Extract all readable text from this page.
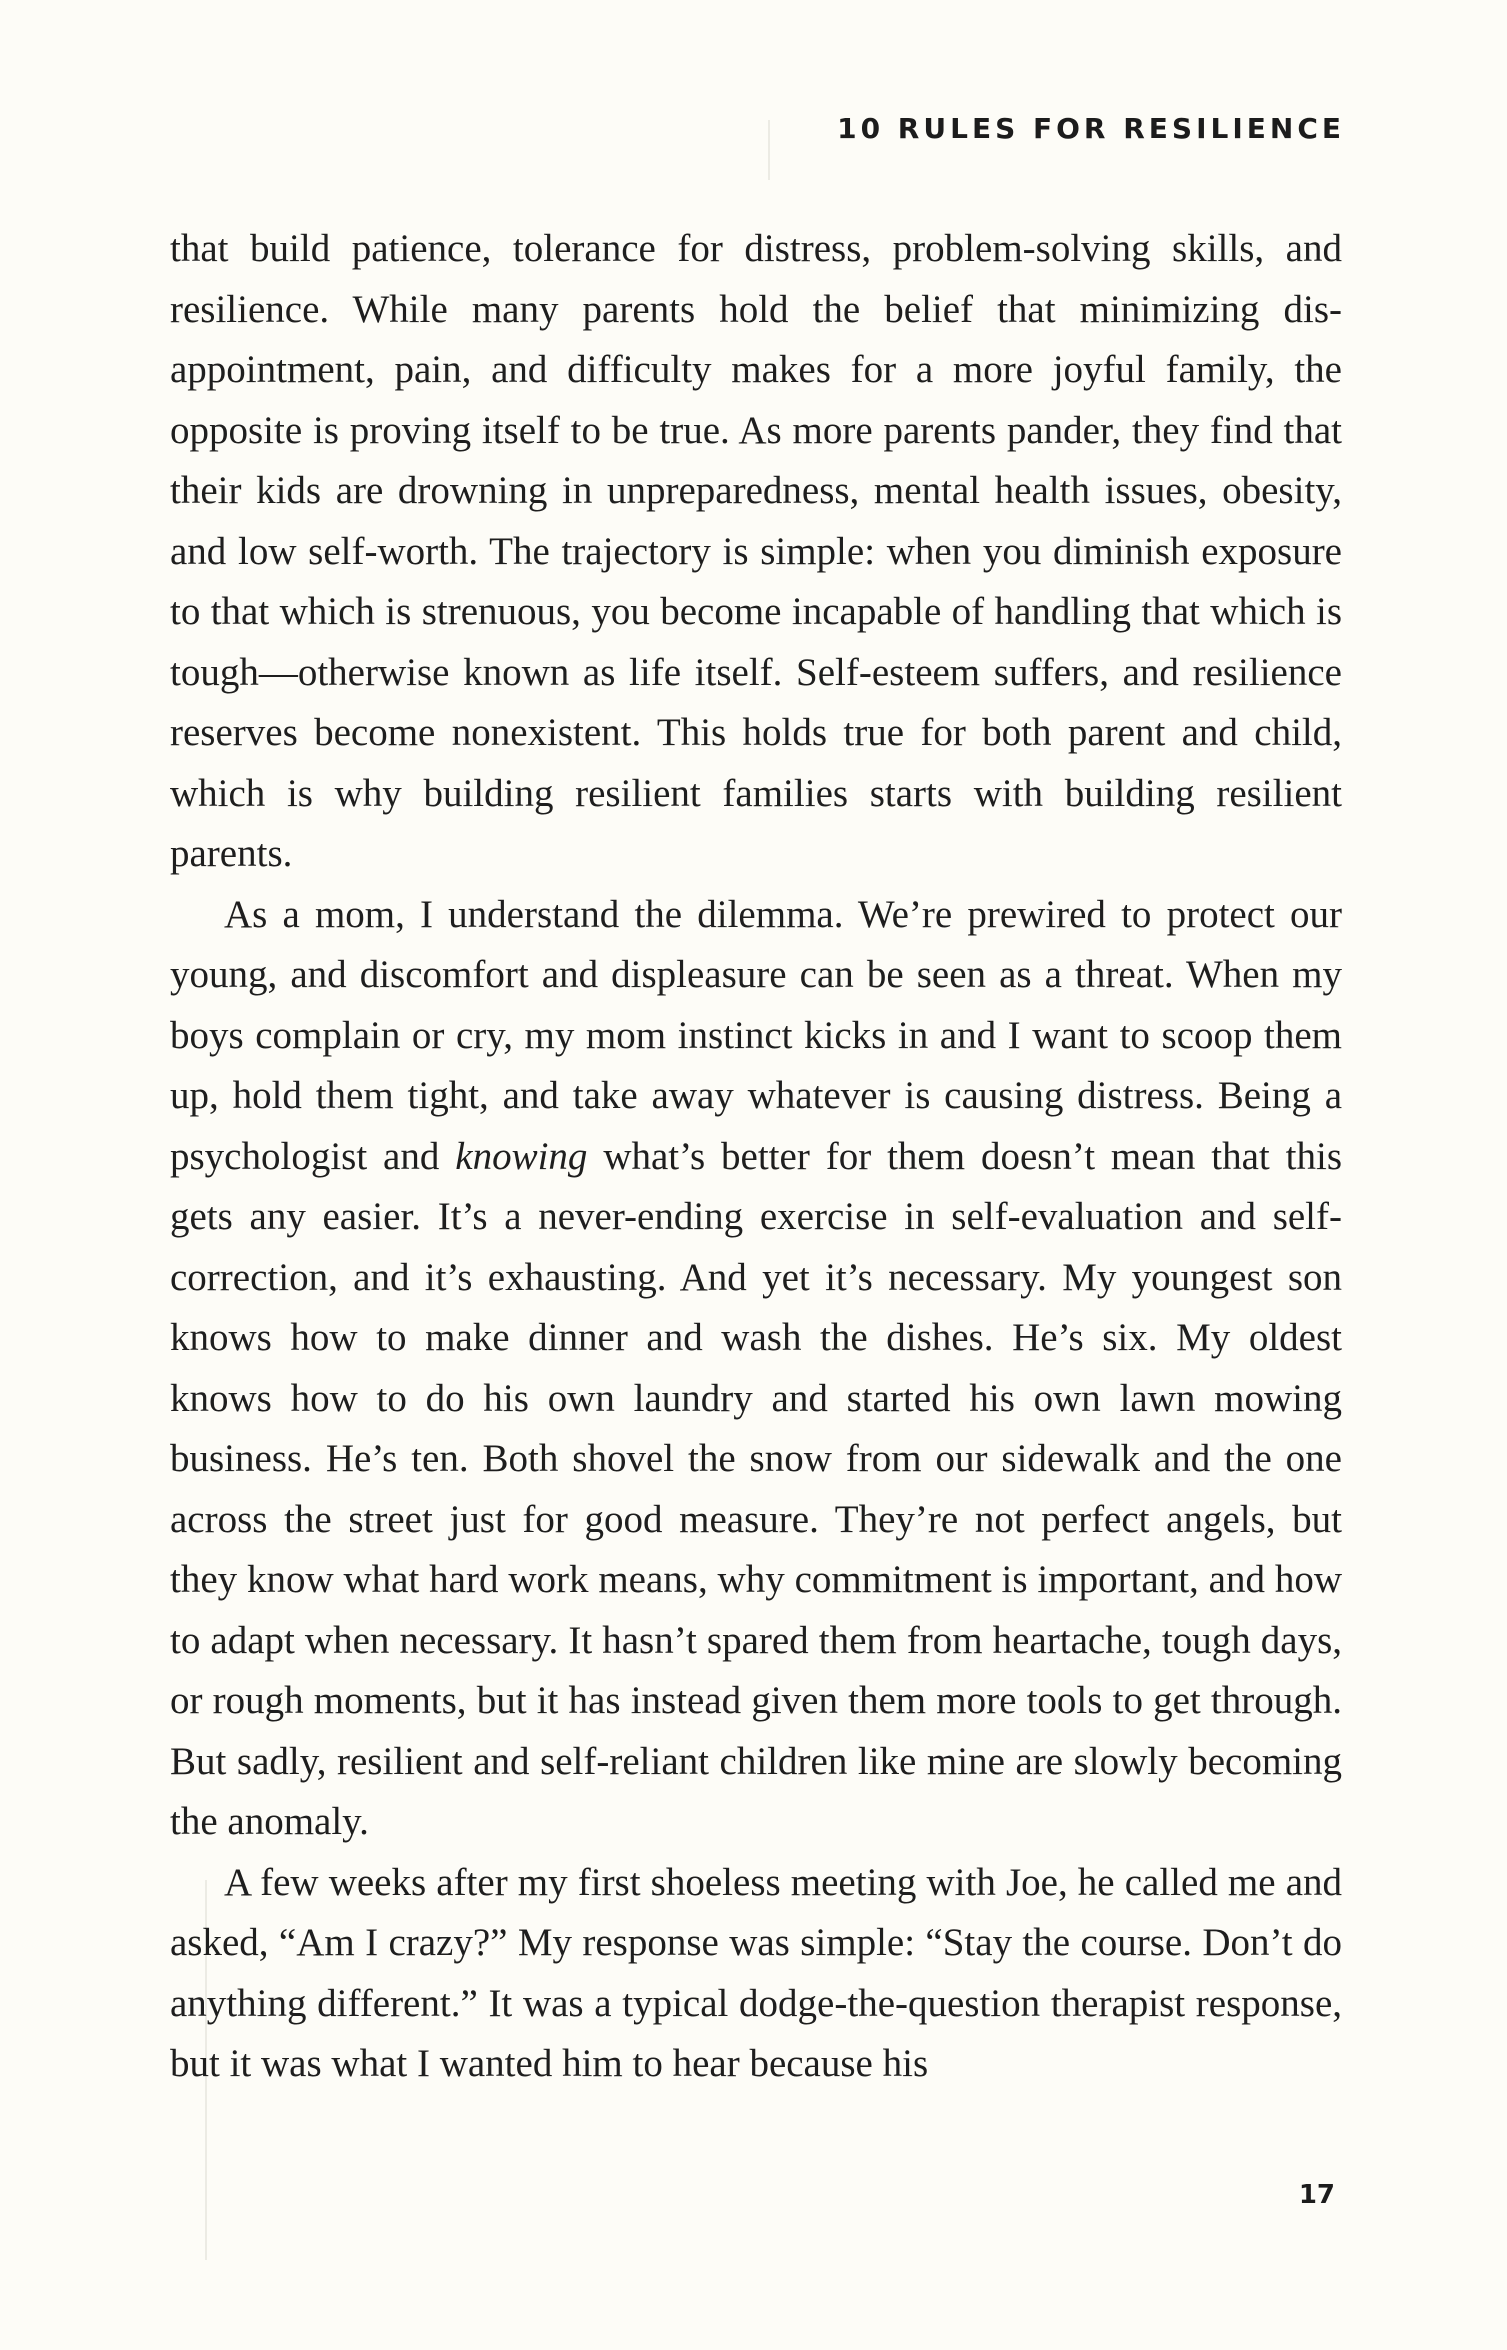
10 RULES FOR RESILIENCE

that build patience, tolerance for distress, problem-solving skills, and resilience. While many parents hold the belief that minimizing disappointment, pain, and difficulty makes for a more joyful family, the opposite is proving itself to be true. As more parents pander, they find that their kids are drowning in unpreparedness, mental health issues, obesity, and low self-worth. The trajectory is simple: when you diminish exposure to that which is strenuous, you become incapable of handling that which is tough—otherwise known as life itself. Self-esteem suffers, and resilience reserves become nonexistent. This holds true for both parent and child, which is why building resilient families starts with building resilient parents.

As a mom, I understand the dilemma. We’re prewired to protect our young, and discomfort and displeasure can be seen as a threat. When my boys complain or cry, my mom instinct kicks in and I want to scoop them up, hold them tight, and take away whatever is causing distress. Being a psychologist and knowing what’s better for them doesn’t mean that this gets any easier. It’s a never-ending exercise in self-evaluation and self-correction, and it’s exhausting. And yet it’s necessary. My youngest son knows how to make dinner and wash the dishes. He’s six. My oldest knows how to do his own laundry and started his own lawn mowing business. He’s ten. Both shovel the snow from our sidewalk and the one across the street just for good measure. They’re not perfect angels, but they know what hard work means, why commitment is important, and how to adapt when necessary. It hasn’t spared them from heartache, tough days, or rough moments, but it has instead given them more tools to get through. But sadly, resilient and self-reliant children like mine are slowly becoming the anomaly.

A few weeks after my first shoeless meeting with Joe, he called me and asked, “Am I crazy?” My response was simple: “Stay the course. Don’t do anything different.” It was a typical dodge-the-question therapist response, but it was what I wanted him to hear because his

17
